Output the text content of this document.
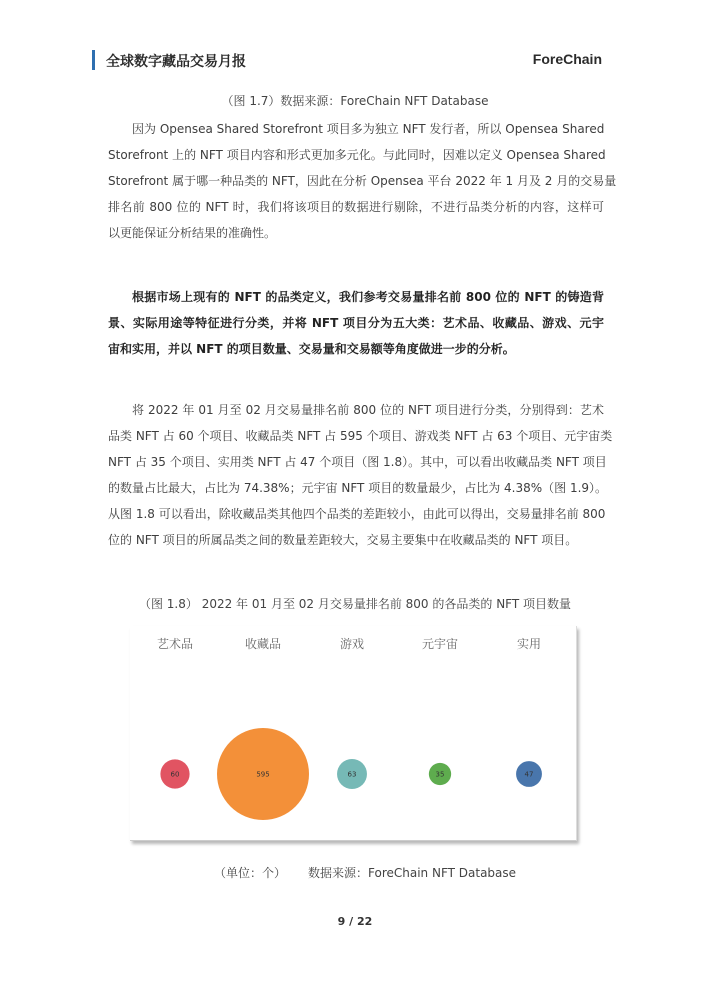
全球数字藏品交易月报	ForeChain
（图 1.7）数据来源：ForeChain NFT Database
因为 Opensea Shared Storefront 项目多为独立 NFT 发行者，所以 Opensea Shared
Storefront 上的 NFT 项目内容和形式更加多元化。与此同时，因难以定义 Opensea Shared
Storefront 属于哪一种品类的 NFT，因此在分析 Opensea 平台 2022 年 1 月及 2 月的交易量
排名前 800 位的 NFT 时，我们将该项目的数据进行剔除，不进行品类分析的内容，这样可
以更能保证分析结果的准确性。
根据市场上现有的 NFT 的品类定义，我们参考交易量排名前 800 位的 NFT 的铸造背
景、实际用途等特征进行分类，并将 NFT 项目分为五大类：艺术品、收藏品、游戏、元宇
宙和实用，并以 NFT 的项目数量、交易量和交易额等角度做进一步的分析。
将 2022 年 01 月至 02 月交易量排名前 800 位的 NFT 项目进行分类，分别得到：艺术
品类 NFT 占 60 个项目、收藏品类 NFT 占 595 个项目、游戏类 NFT 占 63 个项目、元宇宙类
NFT 占 35 个项目、实用类 NFT 占 47 个项目（图 1.8）。其中，可以看出收藏品类 NFT 项目
的数量占比最大，占比为 74.38%；元宇宙 NFT 项目的数量最少，占比为 4.38%（图 1.9）。
从图 1.8 可以看出，除收藏品类其他四个品类的差距较小，由此可以得出，交易量排名前 800
位的 NFT 项目的所属品类之间的数量差距较大，交易主要集中在收藏品类的 NFT 项目。
（图 1.8） 2022 年 01 月至 02 月交易量排名前 800 的各品类的 NFT 项目数量
艺术品	收藏品	游戏	元宇宙	实用
60	595	63	35	47
（单位：个） 数据来源：ForeChain NFT Database
9 / 22
